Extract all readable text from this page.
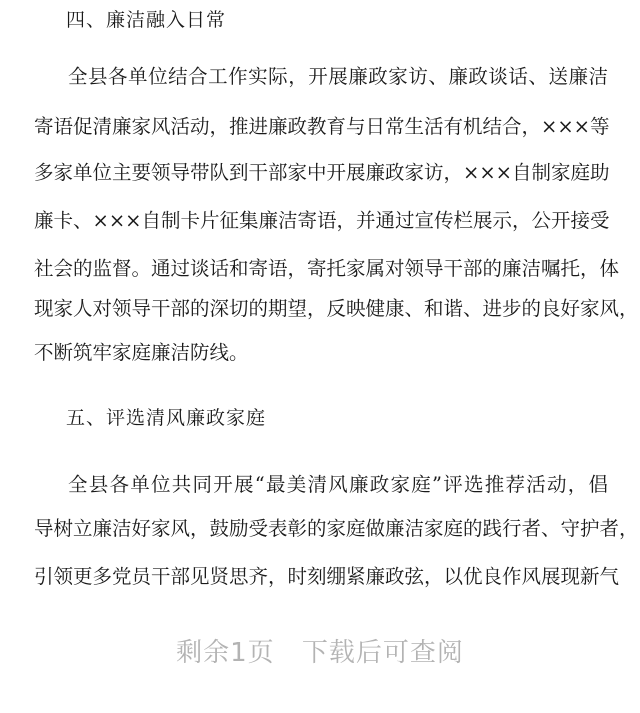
四、廉洁融入日常
全县各单位结合工作实际，开展廉政家访、廉政谈话、送廉洁
寄语促清廉家风活动，推进廉政教育与日常生活有机结合，×××等
多家单位主要领导带队到干部家中开展廉政家访，×××自制家庭助
廉卡、×××自制卡片征集廉洁寄语，并通过宣传栏展示，公开接受
社会的监督。通过谈话和寄语，寄托家属对领导干部的廉洁嘱托，体
现家人对领导干部的深切的期望，反映健康、和谐、进步的良好家风，
不断筑牢家庭廉洁防线。
五、评选清风廉政家庭
全县各单位共同开展“最美清风廉政家庭”评选推荐活动，倡
导树立廉洁好家风，鼓励受表彰的家庭做廉洁家庭的践行者、守护者，
引领更多党员干部见贤思齐，时刻绷紧廉政弦，以优良作风展现新气
剩余1页 下载后可查阅
